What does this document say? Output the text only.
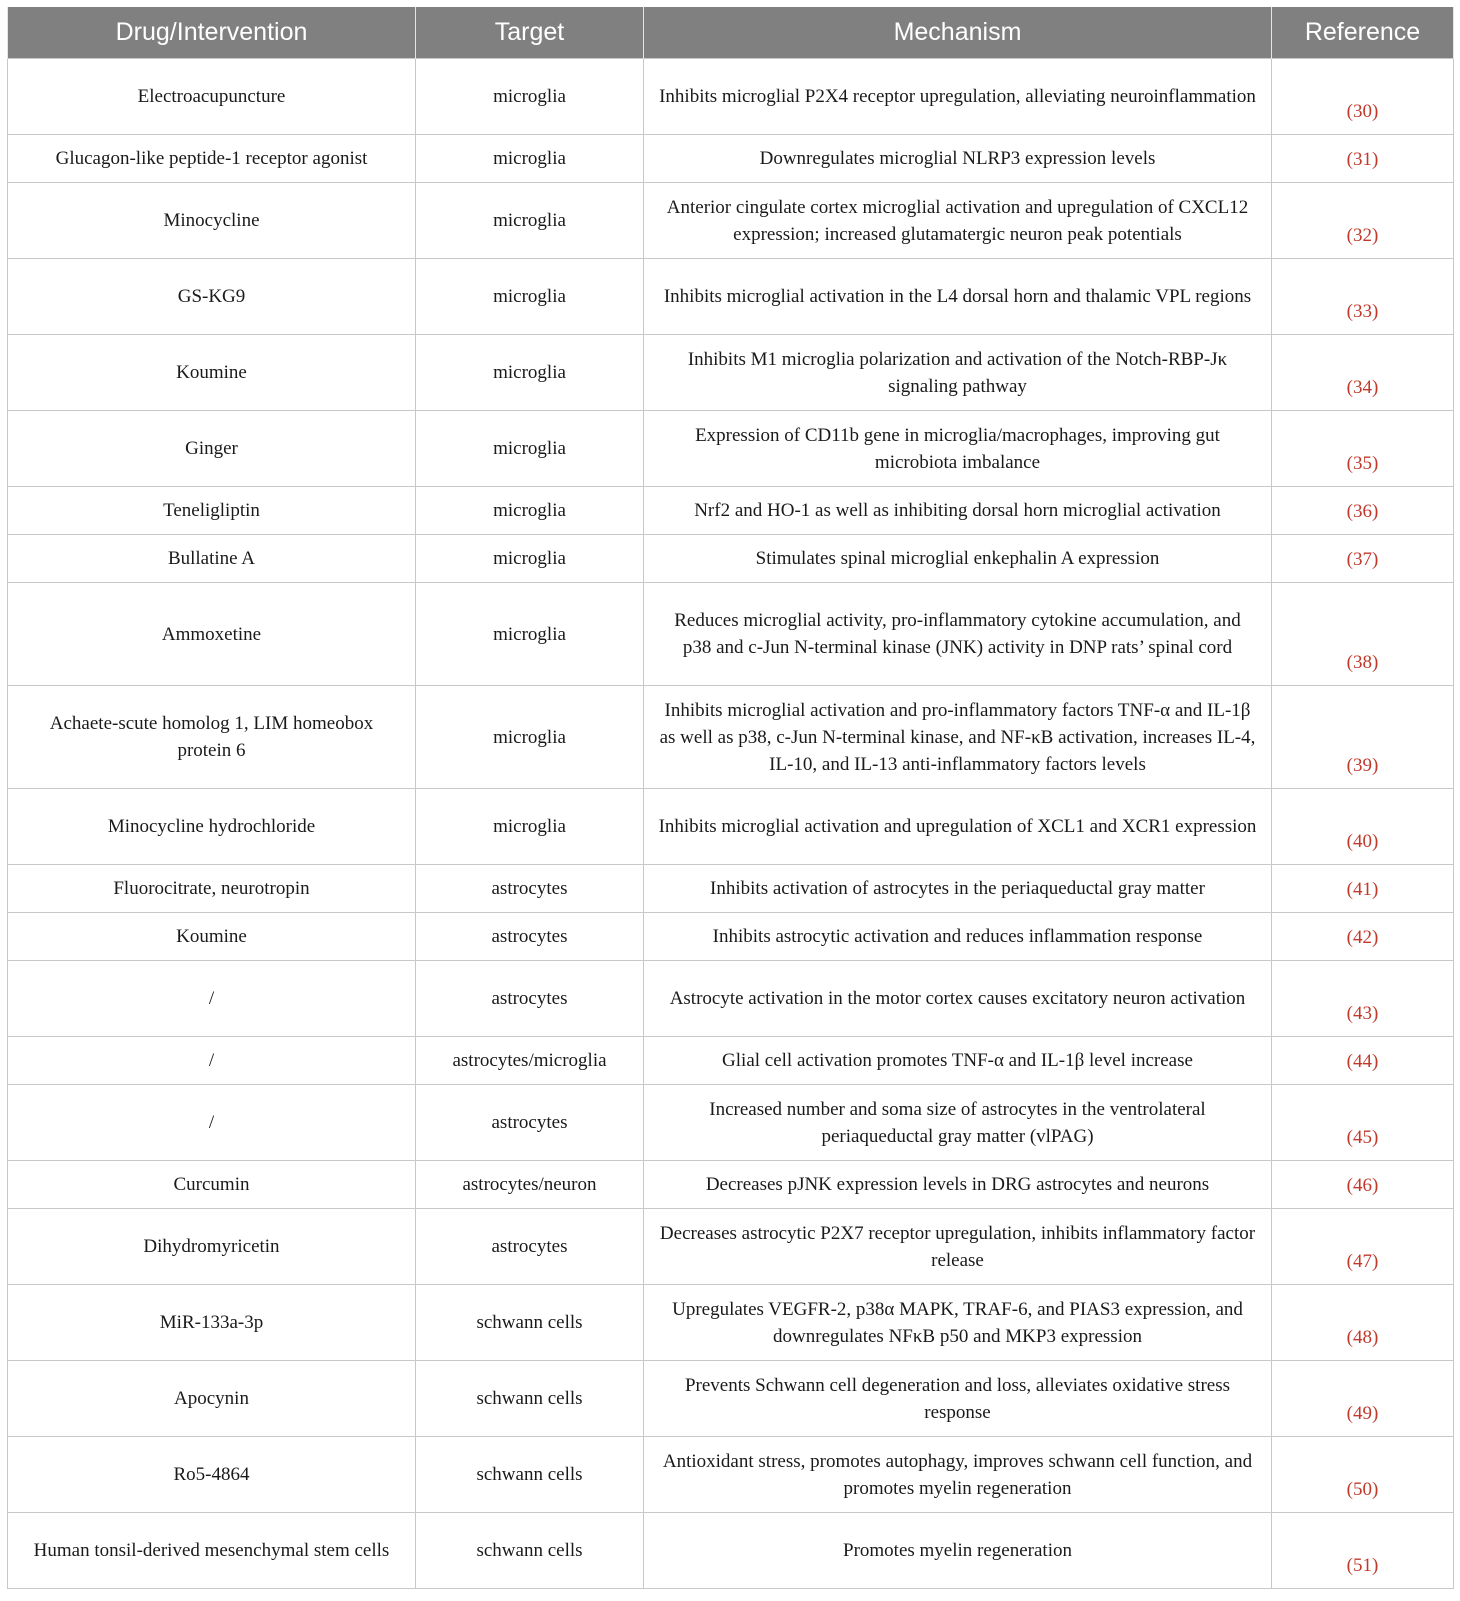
Drug/Intervention	Target	Mechanism	Reference
Electroacupuncture	microglia	Inhibits microglial P2X4 receptor upregulation, alleviating neuroinflammation	(30)
Glucagon-like peptide-1 receptor agonist	microglia	Downregulates microglial NLRP3 expression levels	(31)
Minocycline	microglia	Anterior cingulate cortex microglial activation and upregulation of CXCL12 expression; increased glutamatergic neuron peak potentials	(32)
GS-KG9	microglia	Inhibits microglial activation in the L4 dorsal horn and thalamic VPL regions	(33)
Koumine	microglia	Inhibits M1 microglia polarization and activation of the Notch-RBP-Jκ signaling pathway	(34)
Ginger	microglia	Expression of CD11b gene in microglia/macrophages, improving gut microbiota imbalance	(35)
Teneligliptin	microglia	Nrf2 and HO-1 as well as inhibiting dorsal horn microglial activation	(36)
Bullatine A	microglia	Stimulates spinal microglial enkephalin A expression	(37)
Ammoxetine	microglia	Reduces microglial activity, pro-inflammatory cytokine accumulation, and p38 and c-Jun N-terminal kinase (JNK) activity in DNP rats’ spinal cord	(38)
Achaete-scute homolog 1, LIM homeobox protein 6	microglia	Inhibits microglial activation and pro-inflammatory factors TNF-α and IL-1β as well as p38, c-Jun N-terminal kinase, and NF-κB activation, increases IL-4, IL-10, and IL-13 anti-inflammatory factors levels	(39)
Minocycline hydrochloride	microglia	Inhibits microglial activation and upregulation of XCL1 and XCR1 expression	(40)
Fluorocitrate, neurotropin	astrocytes	Inhibits activation of astrocytes in the periaqueductal gray matter	(41)
Koumine	astrocytes	Inhibits astrocytic activation and reduces inflammation response	(42)
/	astrocytes	Astrocyte activation in the motor cortex causes excitatory neuron activation	(43)
/	astrocytes/microglia	Glial cell activation promotes TNF-α and IL-1β level increase	(44)
/	astrocytes	Increased number and soma size of astrocytes in the ventrolateral periaqueductal gray matter (vlPAG)	(45)
Curcumin	astrocytes/neuron	Decreases pJNK expression levels in DRG astrocytes and neurons	(46)
Dihydromyricetin	astrocytes	Decreases astrocytic P2X7 receptor upregulation, inhibits inflammatory factor release	(47)
MiR-133a-3p	schwann cells	Upregulates VEGFR-2, p38α MAPK, TRAF-6, and PIAS3 expression, and downregulates NFκB p50 and MKP3 expression	(48)
Apocynin	schwann cells	Prevents Schwann cell degeneration and loss, alleviates oxidative stress response	(49)
Ro5-4864	schwann cells	Antioxidant stress, promotes autophagy, improves schwann cell function, and promotes myelin regeneration	(50)
Human tonsil-derived mesenchymal stem cells	schwann cells	Promotes myelin regeneration	(51)
